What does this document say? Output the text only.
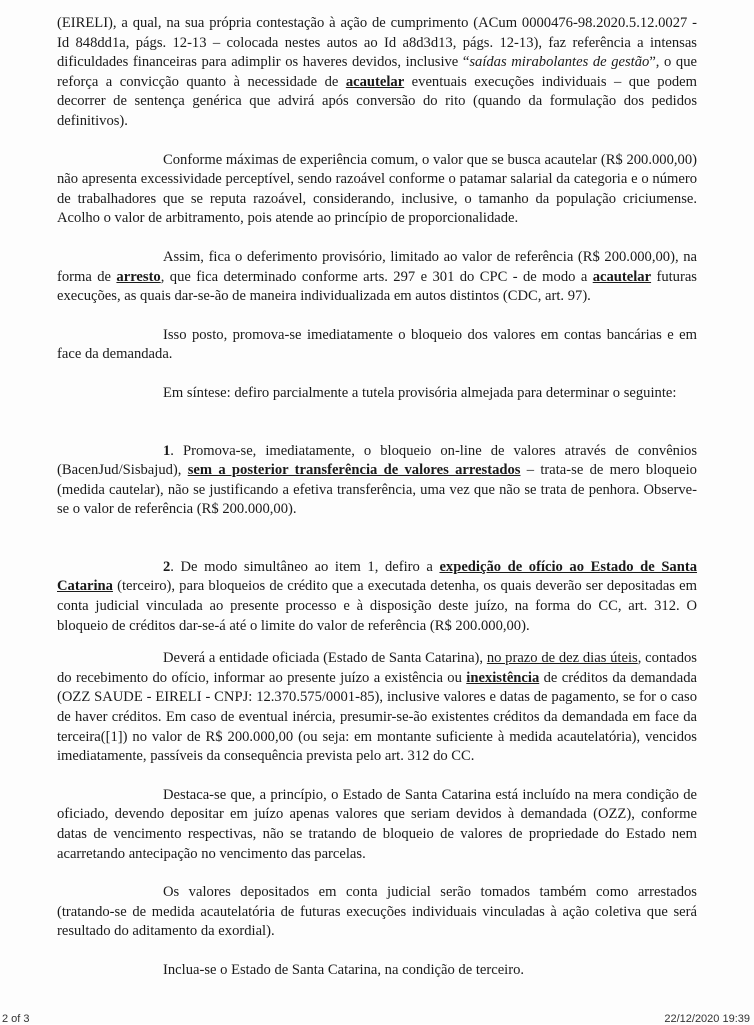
(EIRELI), a qual, na sua própria contestação à ação de cumprimento (ACum 0000476-98.2020.5.12.0027 - Id 848dd1a, págs. 12-13 – colocada nestes autos ao Id a8d3d13, págs. 12-13), faz referência a intensas dificuldades financeiras para adimplir os haveres devidos, inclusive “saídas mirabolantes de gestão”, o que reforça a convicção quanto à necessidade de acautelar eventuais execuções individuais – que podem decorrer de sentença genérica que advirá após conversão do rito (quando da formulação dos pedidos definitivos).

Conforme máximas de experiência comum, o valor que se busca acautelar (R$ 200.000,00) não apresenta excessividade perceptível, sendo razoável conforme o patamar salarial da categoria e o número de trabalhadores que se reputa razoável, considerando, inclusive, o tamanho da população criciumense. Acolho o valor de arbitramento, pois atende ao princípio de proporcionalidade.

Assim, fica o deferimento provisório, limitado ao valor de referência (R$ 200.000,00), na forma de arresto, que fica determinado conforme arts. 297 e 301 do CPC - de modo a acautelar futuras execuções, as quais dar-se-ão de maneira individualizada em autos distintos (CDC, art. 97).

Isso posto, promova-se imediatamente o bloqueio dos valores em contas bancárias e em face da demandada.

Em síntese: defiro parcialmente a tutela provisória almejada para determinar o seguinte:

1. Promova-se, imediatamente, o bloqueio on-line de valores através de convênios (BacenJud/Sisbajud), sem a posterior transferência de valores arrestados – trata-se de mero bloqueio (medida cautelar), não se justificando a efetiva transferência, uma vez que não se trata de penhora. Observe-se o valor de referência (R$ 200.000,00).

2. De modo simultâneo ao item 1, defiro a expedição de ofício ao Estado de Santa Catarina (terceiro), para bloqueios de crédito que a executada detenha, os quais deverão ser depositadas em conta judicial vinculada ao presente processo e à disposição deste juízo, na forma do CC, art. 312. O bloqueio de créditos dar-se-á até o limite do valor de referência (R$ 200.000,00).

Deverá a entidade oficiada (Estado de Santa Catarina), no prazo de dez dias úteis, contados do recebimento do ofício, informar ao presente juízo a existência ou inexistência de créditos da demandada (OZZ SAUDE - EIRELI - CNPJ: 12.370.575/0001-85), inclusive valores e datas de pagamento, se for o caso de haver créditos. Em caso de eventual inércia, presumir-se-ão existentes créditos da demandada em face da terceira([1]) no valor de R$ 200.000,00 (ou seja: em montante suficiente à medida acautelatória), vencidos imediatamente, passíveis da consequência prevista pelo art. 312 do CC.

Destaca-se que, a princípio, o Estado de Santa Catarina está incluído na mera condição de oficiado, devendo depositar em juízo apenas valores que seriam devidos à demandada (OZZ), conforme datas de vencimento respectivas, não se tratando de bloqueio de valores de propriedade do Estado nem acarretando antecipação no vencimento das parcelas.

Os valores depositados em conta judicial serão tomados também como arrestados (tratando-se de medida acautelatória de futuras execuções individuais vinculadas à ação coletiva que será resultado do aditamento da exordial).

Inclua-se o Estado de Santa Catarina, na condição de terceiro.

2 of 3	22/12/2020 19:39
